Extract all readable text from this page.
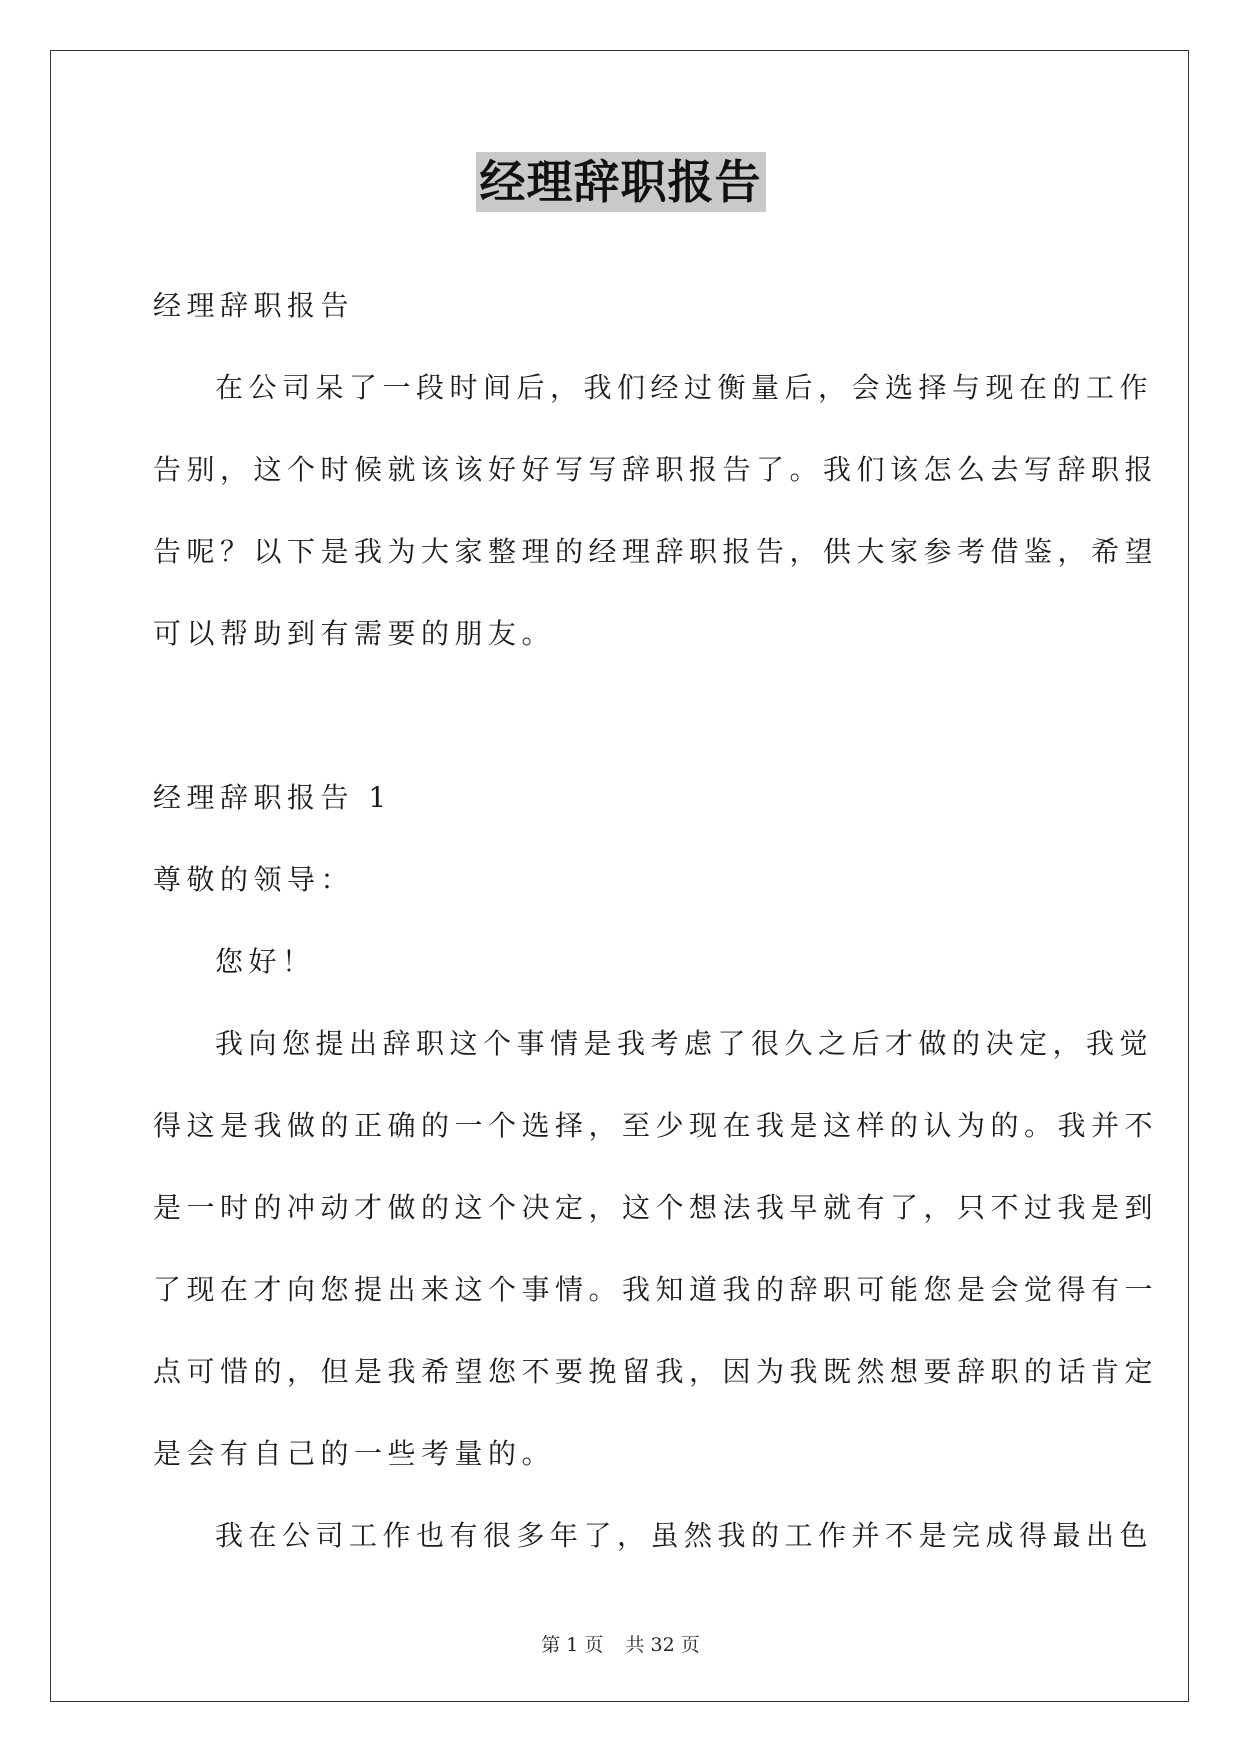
经理辞职报告
经理辞职报告
在公司呆了一段时间后，我们经过衡量后，会选择与现在的工作
告别，这个时候就该该好好写写辞职报告了。我们该怎么去写辞职报
告呢？以下是我为大家整理的经理辞职报告，供大家参考借鉴，希望
可以帮助到有需要的朋友。
经理辞职报告 1
尊敬的领导：
您好！
我向您提出辞职这个事情是我考虑了很久之后才做的决定，我觉
得这是我做的正确的一个选择，至少现在我是这样的认为的。我并不
是一时的冲动才做的这个决定，这个想法我早就有了，只不过我是到
了现在才向您提出来这个事情。我知道我的辞职可能您是会觉得有一
点可惜的，但是我希望您不要挽留我，因为我既然想要辞职的话肯定
是会有自己的一些考量的。
我在公司工作也有很多年了，虽然我的工作并不是完成得最出色
第 1 页 共 32 页
